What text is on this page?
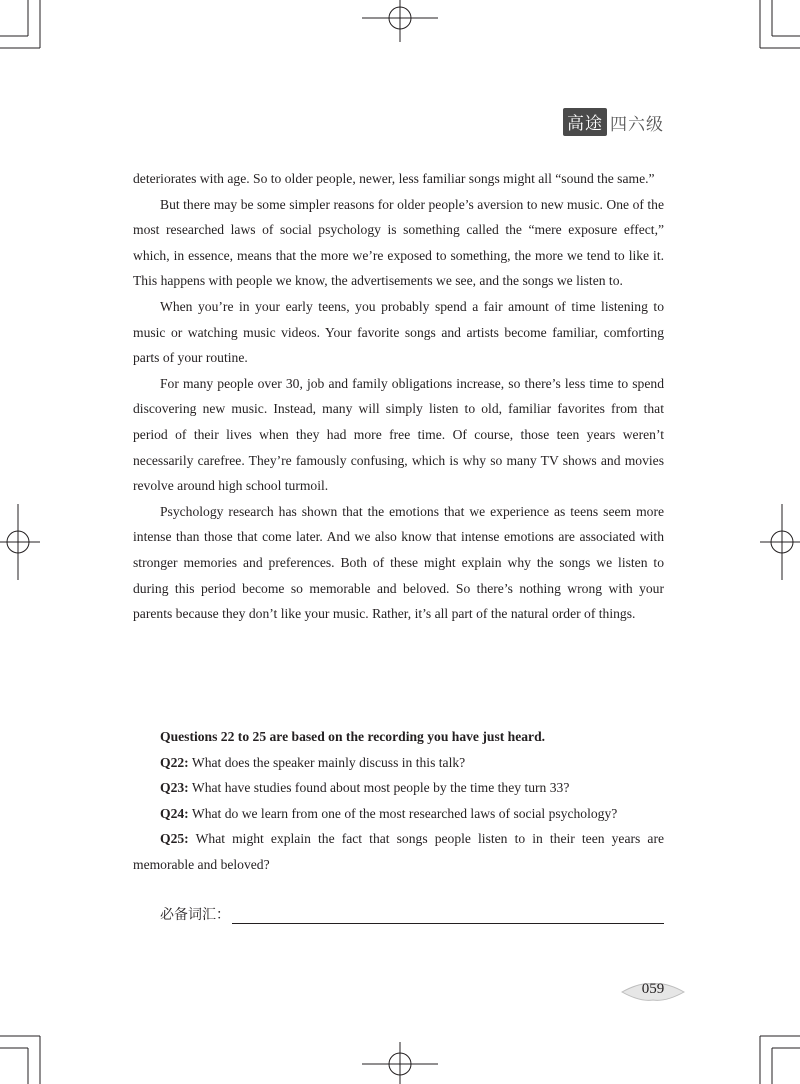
高途 四六级

deteriorates with age. So to older people, newer, less familiar songs might all “sound the same.”

But there may be some simpler reasons for older people’s aversion to new music. One of the most researched laws of social psychology is something called the “mere exposure effect,” which, in essence, means that the more we’re exposed to something, the more we tend to like it. This happens with people we know, the advertisements we see, and the songs we listen to.

When you’re in your early teens, you probably spend a fair amount of time listening to music or watching music videos. Your favorite songs and artists become familiar, comforting parts of your routine.

For many people over 30, job and family obligations increase, so there’s less time to spend discovering new music. Instead, many will simply listen to old, familiar favorites from that period of their lives when they had more free time. Of course, those teen years weren’t necessarily carefree. They’re famously confusing, which is why so many TV shows and movies revolve around high school turmoil.

Psychology research has shown that the emotions that we experience as teens seem more intense than those that come later. And we also know that intense emotions are associated with stronger memories and preferences. Both of these might explain why the songs we listen to during this period become so memorable and beloved. So there’s nothing wrong with your parents because they don’t like your music. Rather, it’s all part of the natural order of things.

Questions 22 to 25 are based on the recording you have just heard.

Q22: What does the speaker mainly discuss in this talk?

Q23: What have studies found about most people by the time they turn 33?

Q24: What do we learn from one of the most researched laws of social psychology?

Q25: What might explain the fact that songs people listen to in their teen years are memorable and beloved?

必备词汇：
059
